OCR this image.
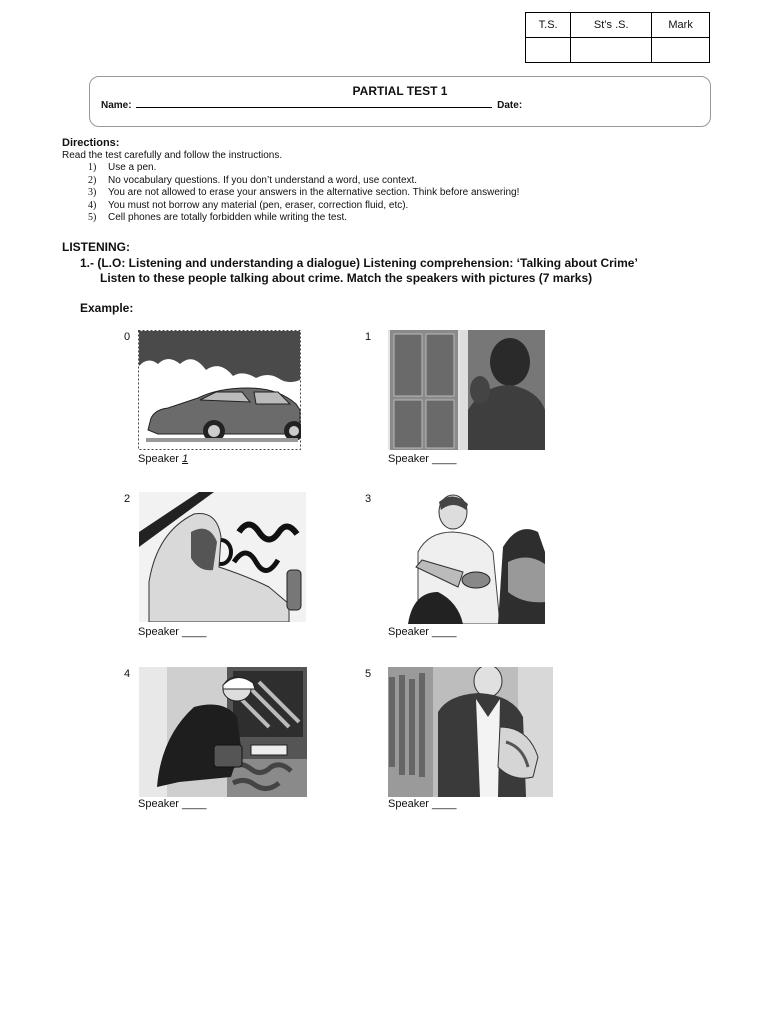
T.S.	St’s .S.	Mark

PARTIAL TEST 1
Name:	Date:
Directions:
Read the test carefully and follow the instructions.
1) Use a pen.
2) No vocabulary questions. If you don’t understand a word, use context.
3) You are not allowed to erase your answers in the alternative section. Think before answering!
4) You must not borrow any material (pen, eraser, correction fluid, etc).
5) Cell phones are totally forbidden while writing the test.
LISTENING:
1.- (L.O: Listening and understanding a dialogue) Listening comprehension: ‘Talking about Crime’
Listen to these people talking about crime. Match the speakers with pictures (7 marks)
Example:
0
Speaker 1
1
Speaker ____
2
Speaker ____
3
Speaker ____
4
Speaker ____
5
Speaker ____
